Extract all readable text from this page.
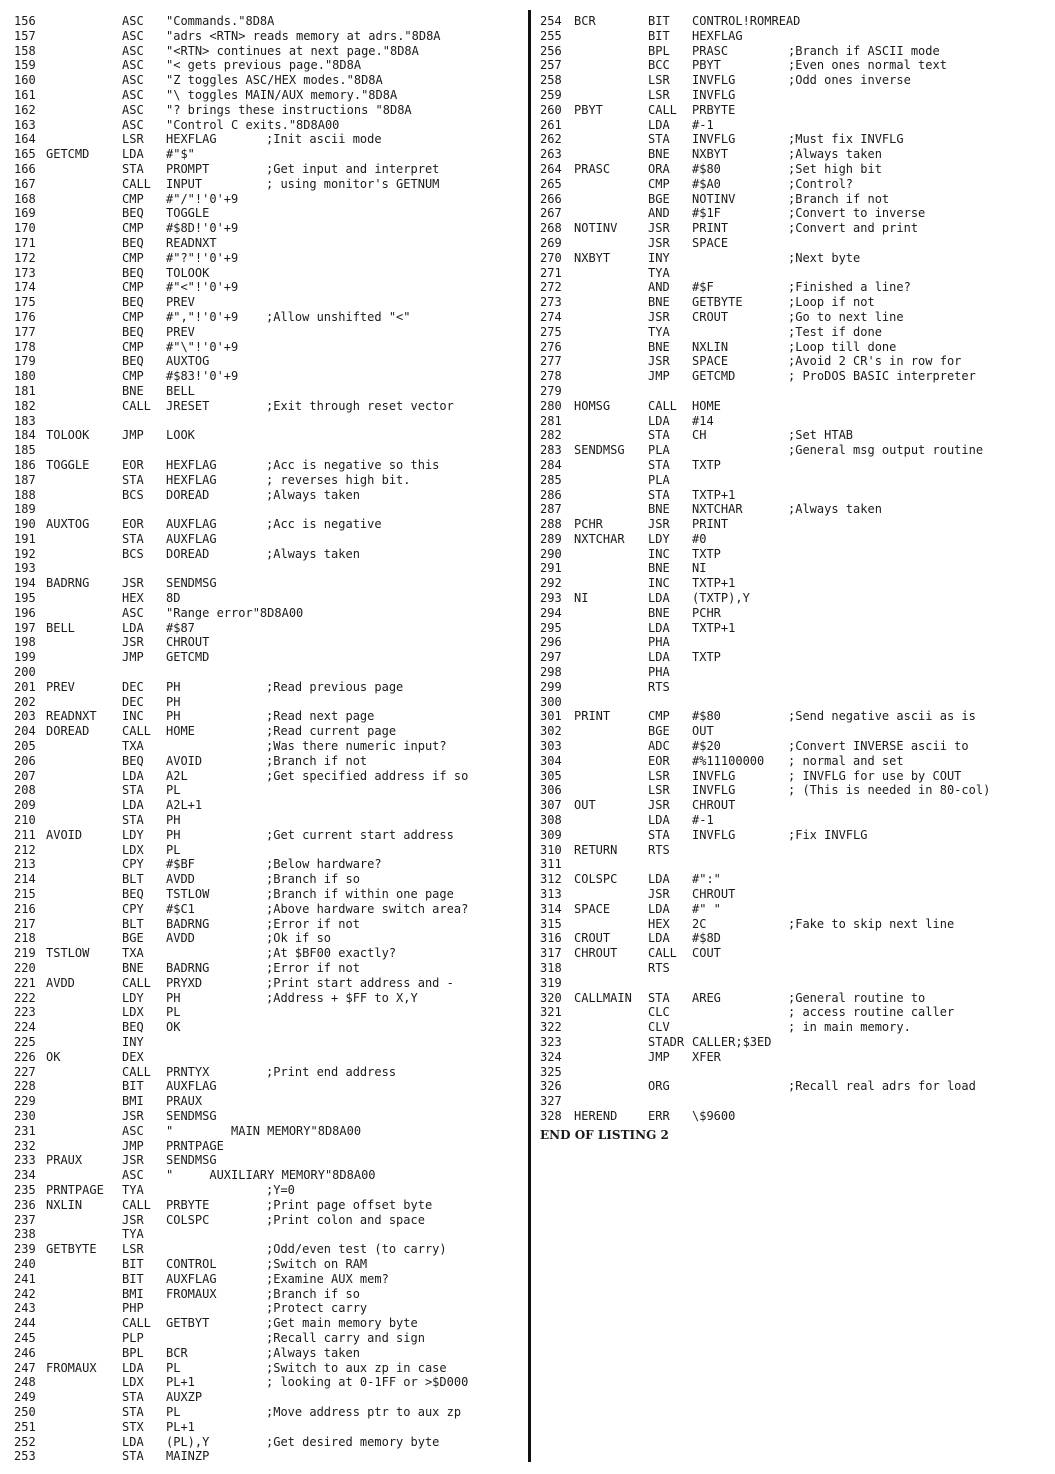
156	ASC "Commands."8D8A
157	ASC "adrs <RTN> reads memory at adrs."8D8A
158	ASC "<RTN> continues at next page."8D8A
159	ASC "< gets previous page."8D8A
160	ASC "Z toggles ASC/HEX modes."8D8A
161	ASC "\ toggles MAIN/AUX memory."8D8A
162	ASC "? brings these instructions "8D8A
163	ASC "Control C exits."8D8A00
164	LSR HEXFLAG	;Init ascii mode
165 GETCMD	LDA #"$"
166	STA PROMPT	;Get input and interpret
167	CALL INPUT	; using monitor's GETNUM
168	CMP #"/"!'0'+9
169	BEQ TOGGLE
170	CMP #$8D!'0'+9
171	BEQ READNXT
172	CMP #"?"!'0'+9
173	BEQ TOLOOK
174	CMP #"<"!'0'+9
175	BEQ PREV
176	CMP #","!'0'+9 ;Allow unshifted "<"
177	BEQ PREV
178	CMP #"\"!'0'+9
179	BEQ AUXTOG
180	CMP #$83!'0'+9
181	BNE BELL
182	CALL JRESET	;Exit through reset vector
183
184 TOLOOK	JMP LOOK
185
186 TOGGLE	EOR HEXFLAG	;Acc is negative so this
187	STA HEXFLAG	; reverses high bit.
188	BCS DOREAD	;Always taken
189
190 AUXTOG	EOR AUXFLAG	;Acc is negative
191	STA AUXFLAG
192	BCS DOREAD	;Always taken
193
194 BADRNG	JSR SENDMSG
195	HEX 8D
196	ASC "Range error"8D8A00
197 BELL	LDA #$87
198	JSR CHROUT
199	JMP GETCMD
200
201 PREV	DEC PH	;Read previous page
202	DEC PH
203 READNXT INC PH	;Read next page
204 DOREAD	CALL HOME	;Read current page
205	TXA	;Was there numeric input?
206	BEQ AVOID	;Branch if not
207	LDA A2L	;Get specified address if so
208	STA PL
209	LDA A2L+1
210	STA PH
211 AVOID	LDY PH	;Get current start address
212	LDX PL
213	CPY #$BF	;Below hardware?
214	BLT AVDD	;Branch if so
215	BEQ TSTLOW	;Branch if within one page
216	CPY #$C1	;Above hardware switch area?
217	BLT BADRNG	;Error if not
218	BGE AVDD	;Ok if so
219 TSTLOW	TXA	;At $BF00 exactly?
220	BNE BADRNG	;Error if not
221 AVDD	CALL PRYXD	;Print start address and -
222	LDY PH	;Address + $FF to X,Y
223	LDX PL
224	BEQ OK
225	INY
226 OK	DEX
227	CALL PRNTYX	;Print end address
228	BIT AUXFLAG
229	BMI PRAUX
230	JSR SENDMSG
231	ASC "        MAIN MEMORY"8D8A00
232	JMP PRNTPAGE
233 PRAUX	JSR SENDMSG
234	ASC "     AUXILIARY MEMORY"8D8A00
235 PRNTPAGE TYA	;Y=0
236 NXLIN	CALL PRBYTE	;Print page offset byte
237	JSR COLSPC	;Print colon and space
238	TYA
239 GETBYTE LSR	;Odd/even test (to carry)
240	BIT CONTROL	;Switch on RAM
241	BIT AUXFLAG	;Examine AUX mem?
242	BMI FROMAUX	;Branch if so
243	PHP	;Protect carry
244	CALL GETBYT	;Get main memory byte
245	PLP	;Recall carry and sign
246	BPL BCR	;Always taken
247 FROMAUX LDA PL	;Switch to aux zp in case
248	LDX PL+1	; looking at 0-1FF or >$D000
249	STA AUXZP
250	STA PL	;Move address ptr to aux zp
251	STX PL+1
252	LDA (PL),Y	;Get desired memory byte
253	STA MAINZP
254 BCR	BIT CONTROL!ROMREAD
255	BIT HEXFLAG
256	BPL PRASC	;Branch if ASCII mode
257	BCC PBYT	;Even ones normal text
258	LSR INVFLG	;Odd ones inverse
259	LSR INVFLG
260 PBYT	CALL PRBYTE
261	LDA #-1
262	STA INVFLG	;Must fix INVFLG
263	BNE NXBYT	;Always taken
264 PRASC	ORA #$80	;Set high bit
265	CMP #$A0	;Control?
266	BGE NOTINV	;Branch if not
267	AND #$1F	;Convert to inverse
268 NOTINV	JSR PRINT	;Convert and print
269	JSR SPACE
270 NXBYT	INY	;Next byte
271	TYA
272	AND #$F	;Finished a line?
273	BNE GETBYTE	;Loop if not
274	JSR CROUT	;Go to next line
275	TYA	;Test if done
276	BNE NXLIN	;Loop till done
277	JSR SPACE	;Avoid 2 CR's in row for
278	JMP GETCMD	; ProDOS BASIC interpreter
279
280 HOMSG	CALL HOME
281	LDA #14
282	STA CH	;Set HTAB
283 SENDMSG PLA	;General msg output routine
284	STA TXTP
285	PLA
286	STA TXTP+1
287	BNE NXTCHAR	;Always taken
288 PCHR	JSR PRINT
289 NXTCHAR LDY #0
290	INC TXTP
291	BNE NI
292	INC TXTP+1
293 NI	LDA (TXTP),Y
294	BNE PCHR
295	LDA TXTP+1
296	PHA
297	LDA TXTP
298	PHA
299	RTS
300
301 PRINT	CMP #$80	;Send negative ascii as is
302	BGE OUT
303	ADC #$20	;Convert INVERSE ascii to
304	EOR #%11100000 ; normal and set
305	LSR INVFLG	; INVFLG for use by COUT
306	LSR INVFLG	; (This is needed in 80-col)
307 OUT	JSR CHROUT
308	LDA #-1
309	STA INVFLG	;Fix INVFLG
310 RETURN	RTS
311
312 COLSPC	LDA #":"
313	JSR CHROUT
314 SPACE	LDA #" "
315	HEX 2C	;Fake to skip next line
316 CROUT	LDA #$8D
317 CHROUT	CALL COUT
318	RTS
319
320 CALLMAIN STA AREG	;General routine to
321	CLC	; access routine caller
322	CLV	; in main memory.
323	STADR CALLER;$3ED
324	JMP XFER
325
326	ORG	;Recall real adrs for load
327
328 HEREND	ERR \$9600
END OF LISTING 2
